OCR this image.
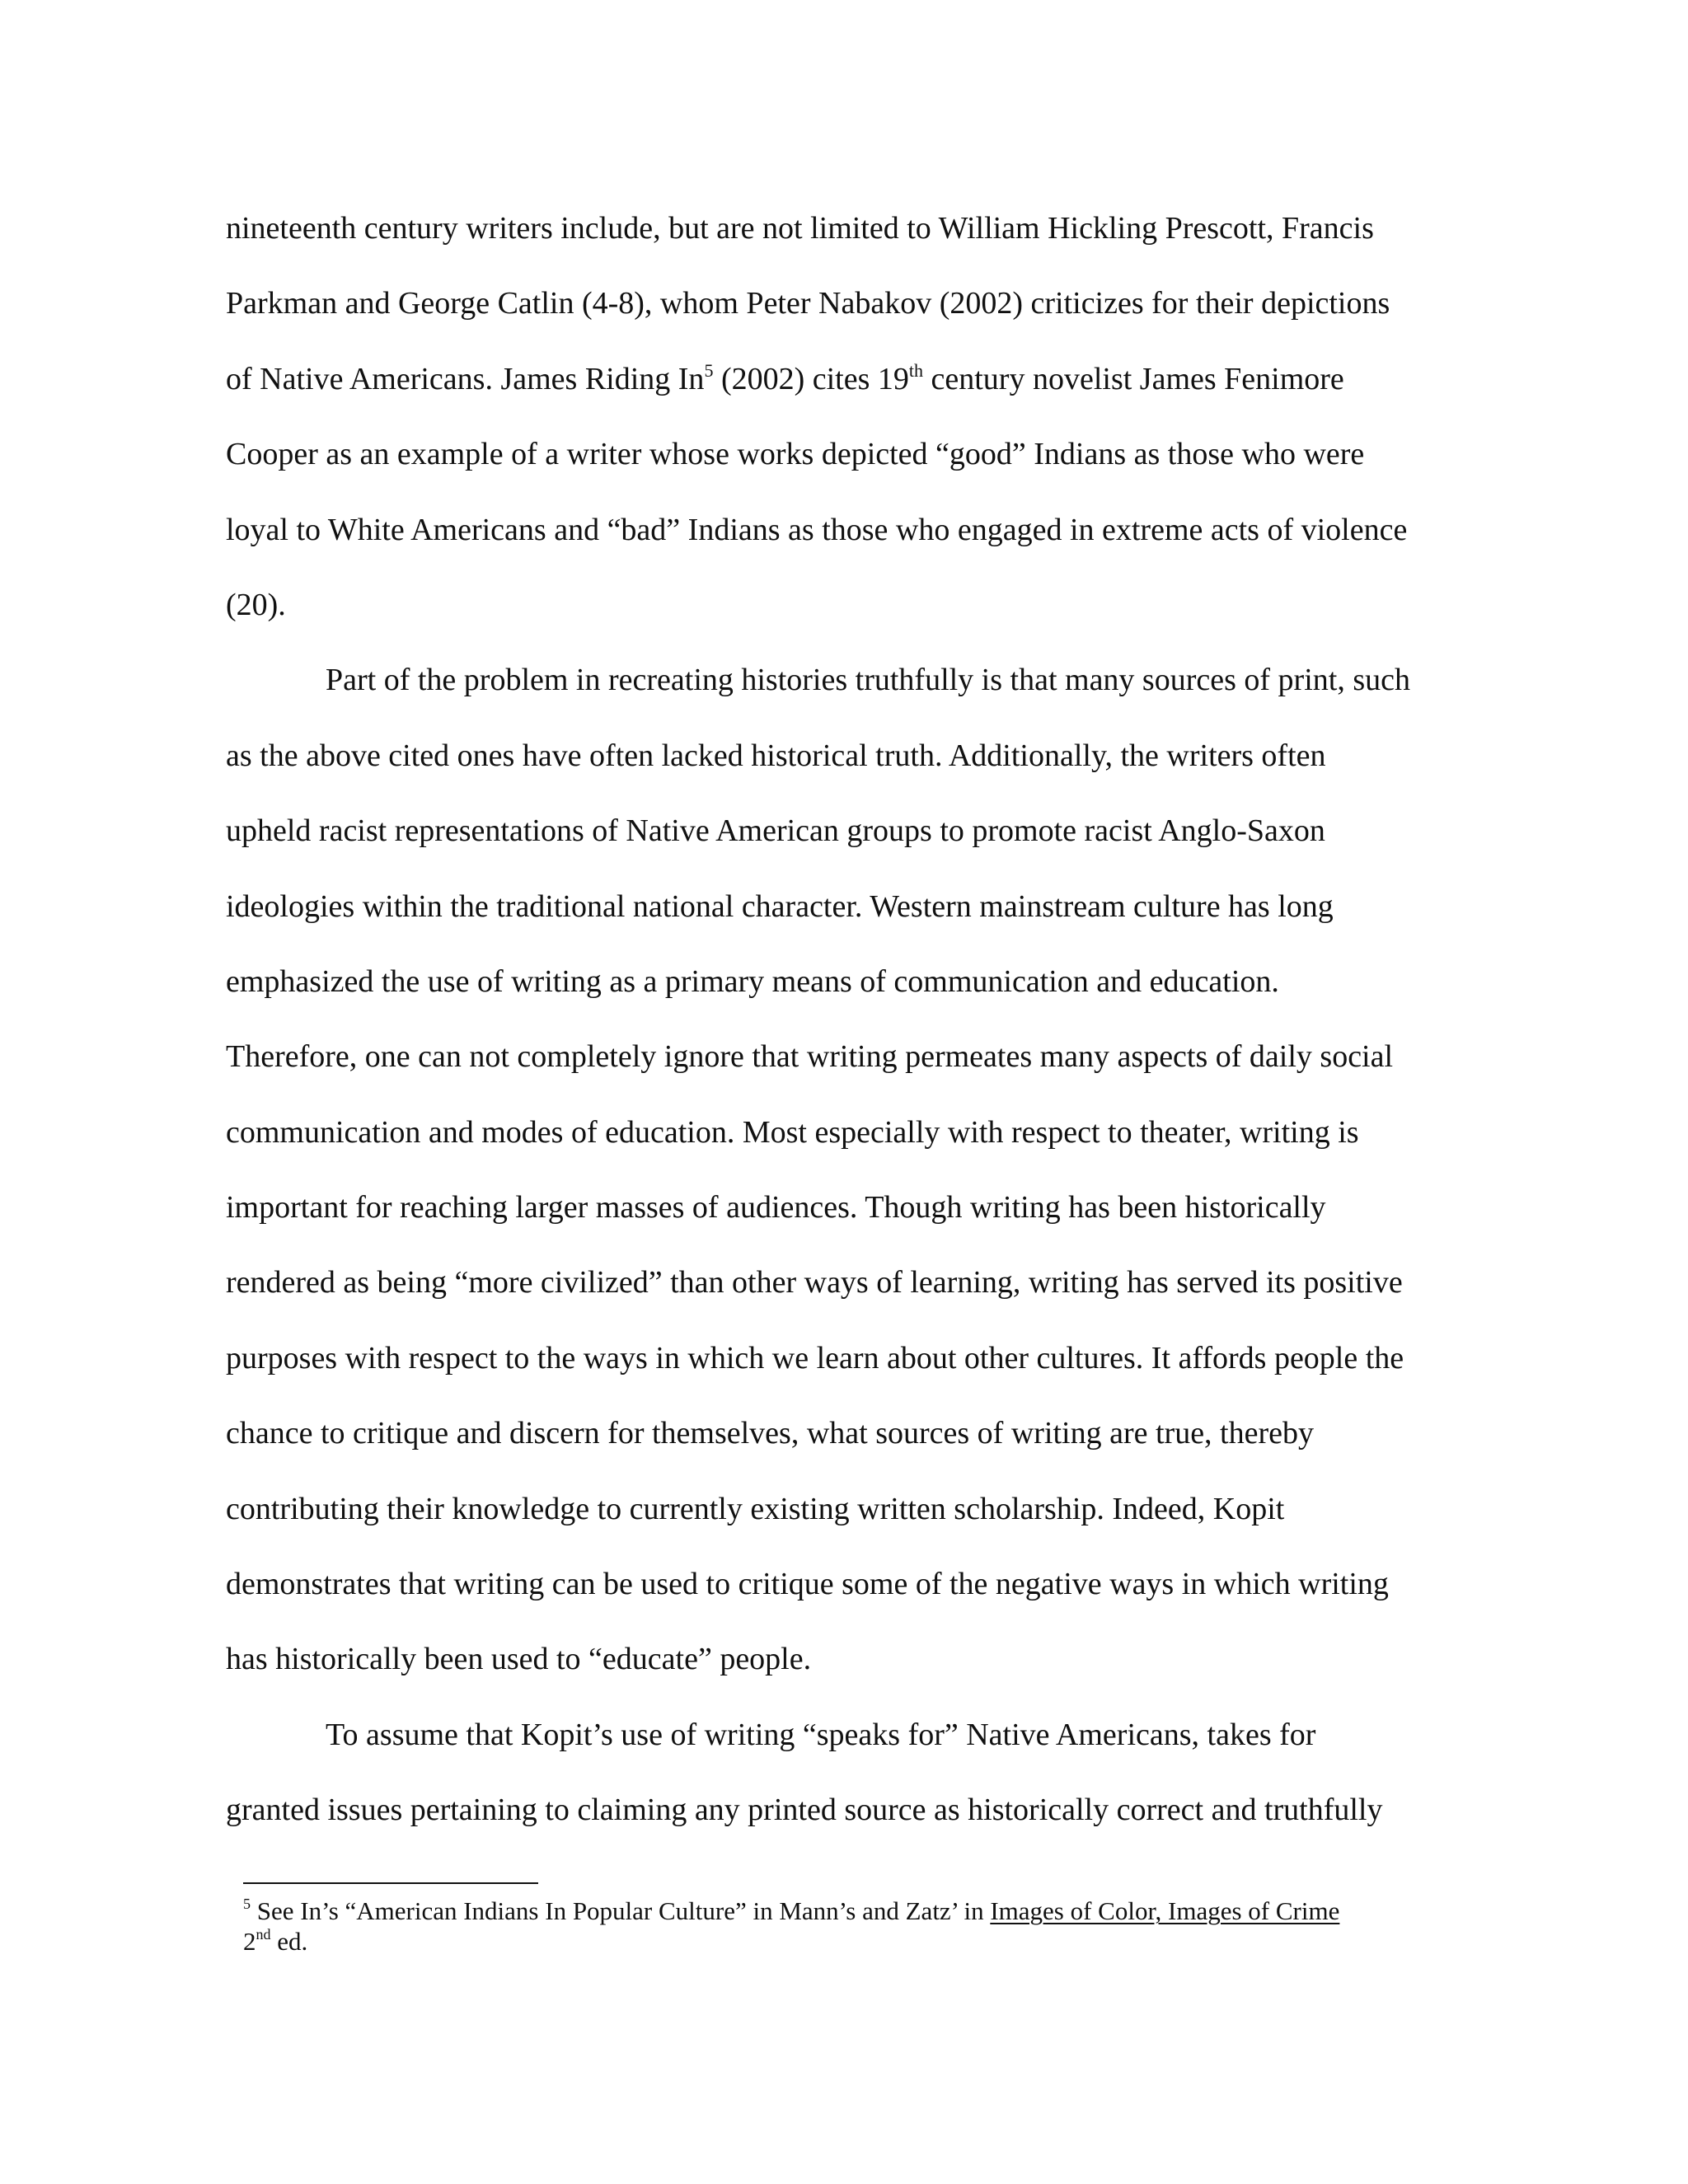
nineteenth century writers include, but are not limited to William Hickling Prescott, Francis
Parkman and George Catlin (4-8), whom Peter Nabakov (2002) criticizes for their depictions
of Native Americans. James Riding In$^5$ (2002) cites 19th century novelist James Fenimore
Cooper as an example of a writer whose works depicted “good” Indians as those who were
loyal to White Americans and “bad” Indians as those who engaged in extreme acts of violence
(20).
Part of the problem in recreating histories truthfully is that many sources of print, such
as the above cited ones have often lacked historical truth. Additionally, the writers often
upheld racist representations of Native American groups to promote racist Anglo-Saxon
ideologies within the traditional national character. Western mainstream culture has long
emphasized the use of writing as a primary means of communication and education.
Therefore, one can not completely ignore that writing permeates many aspects of daily social
communication and modes of education. Most especially with respect to theater, writing is
important for reaching larger masses of audiences. Though writing has been historically
rendered as being “more civilized” than other ways of learning, writing has served its positive
purposes with respect to the ways in which we learn about other cultures. It affords people the
chance to critique and discern for themselves, what sources of writing are true, thereby
contributing their knowledge to currently existing written scholarship. Indeed, Kopit
demonstrates that writing can be used to critique some of the negative ways in which writing
has historically been used to “educate” people.
To assume that Kopit’s use of writing “speaks for” Native Americans, takes for
granted issues pertaining to claiming any printed source as historically correct and truthfully
$^5$ See In’s “American Indians In Popular Culture” in Mann’s and Zatz’ in Images of Color, Images of Crime
2nd ed.
